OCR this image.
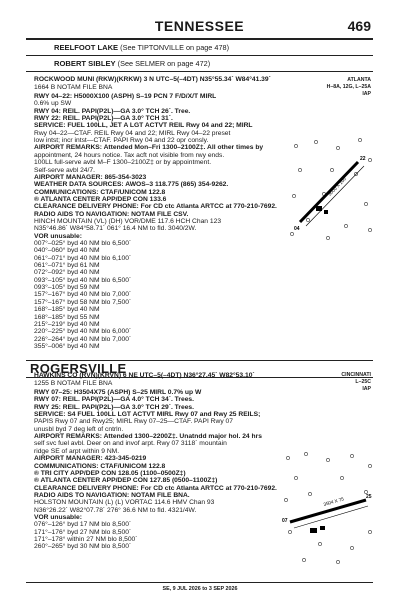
TENNESSEE	469
REELFOOT LAKE (See TIPTONVILLE on page 478)
ROBERT SIBLEY (See SELMER on page 472)
ROCKWOOD MUNI (RKW)(KRKW) 3 N UTC–5(–4DT) N35°55.34´ W84°41.39´
1664 B NOTAM FILE BNA
ATLANTA
H–8A, 12G, L–25A
IAP
RWY 04–22: H5000X100 (ASPH) S–19 PCN 7 F/D/X/T MIRL
0.6% up SW
RWY 04: REIL. PAPI(P2L)—GA 3.0° TCH 26´. Tree.
RWY 22: REIL. PAPI(P2L)—GA 3.0° TCH 31´.
SERVICE: FUEL 100LL, JET A LGT ACTVT REIL Rwy 04 and 22; MIRL
Rwy 04–22—CTAF. REIL Rwy 04 and 22; MIRL Rwy 04–22 preset
low intst; incr intst—CTAF. PAPI Rwy 04 and 22 opr consly.
AIRPORT REMARKS: Attended Mon–Fri 1300–2100Z‡. All other times by
appointment, 24 hours notice. Tax acft not visible from rwy ends.
100LL full-serve avbl M–F 1300–2100Z‡ or by appointment.
Self-serve avbl 24/7.
AIRPORT MANAGER: 865-354-3023
WEATHER DATA SOURCES: AWOS–3 118.775 (865) 354-9262.
COMMUNICATIONS: CTAF/UNICOM 122.8
® ATLANTA CENTER APP/DEP CON 133.6
CLEARANCE DELIVERY PHONE: For CD ctc Atlanta ARTCC at 770-210-7692.
RADIO AIDS TO NAVIGATION: NOTAM FILE CSV.
HINCH MOUNTAIN (VL) (DH) VOR/DME 117.6 HCH Chan 123
N35°46.86´ W84°58.71´ 061° 16.4 NM to fld. 3040/2W.
VOR unusable:
007°–025° byd 40 NM blo 6,500´
040°–060° byd 40 NM
061°–071° byd 40 NM blo 6,100´
061°–071° byd 61 NM
072°–092° byd 40 NM
093°–105° byd 40 NM blo 6,500´
093°–105° byd 59 NM
157°–167° byd 40 NM blo 7,000´
157°–167° byd 58 NM blo 7,500´
168°–185° byd 40 NM
168°–185° byd 55 NM
215°–219° byd 40 NM
220°–225° byd 40 NM blo 6,000´
226°–264° byd 40 NM blo 7,000´
355°–006° byd 40 NM
5000 X 100
04
22
ROGERSVILLE
HAWKINS CO (RVN)(KRVN) 6 NE UTC–5(–4DT) N36°27.45´ W82°53.10´
1255 B NOTAM FILE BNA
CINCINNATI
L–25C
IAP
RWY 07–25: H3504X75 (ASPH) S–25 MIRL 0.7% up W
RWY 07: REIL. PAPI(P2L)—GA 4.0° TCH 34´. Trees.
RWY 25: REIL. PAPI(P2L)—GA 3.0° TCH 29´. Trees.
SERVICE: S4 FUEL 100LL LGT ACTVT MIRL Rwy 07 and Rwy 25 REILS;
PAPIS Rwy 07 and Rwy25; MIRL Rwy 07–25—CTAF. PAPI Rwy 07
unusbl byd 7 deg left of cntrln.
AIRPORT REMARKS: Attended 1300–2200Z‡. Unatndd major hol. 24 hrs
self svc fuel avbl. Deer on and invof arpt. Rwy 07 3118´ mountain
ridge SE of arpt within 9 NM.
AIRPORT MANAGER: 423-345-0219
COMMUNICATIONS: CTAF/UNICOM 122.8
® TRI CITY APP/DEP CON 128.05 (1100–0500Z‡)
® ATLANTA CENTER APP/DEP CON 127.85 (0500–1100Z‡)
CLEARANCE DELIVERY PHONE: For CD ctc Atlanta ARTCC at 770-210-7692.
RADIO AIDS TO NAVIGATION: NOTAM FILE BNA.
HOLSTON MOUNTAIN (L) (L) VORTAC 114.6 HMV Chan 93
N36°26.22´ W82°07.78´ 276° 36.6 NM to fld. 4321/4W.
VOR unusable:
076°–126° byd 17 NM blo 8,500´
171°–176° byd 27 NM blo 8,500´
171°–178° within 27 NM blo 8,500´
260°–265° byd 30 NM blo 8,500´
3504 X 75
07
25
SE, 9 JUL 2026 to 3 SEP 2026
